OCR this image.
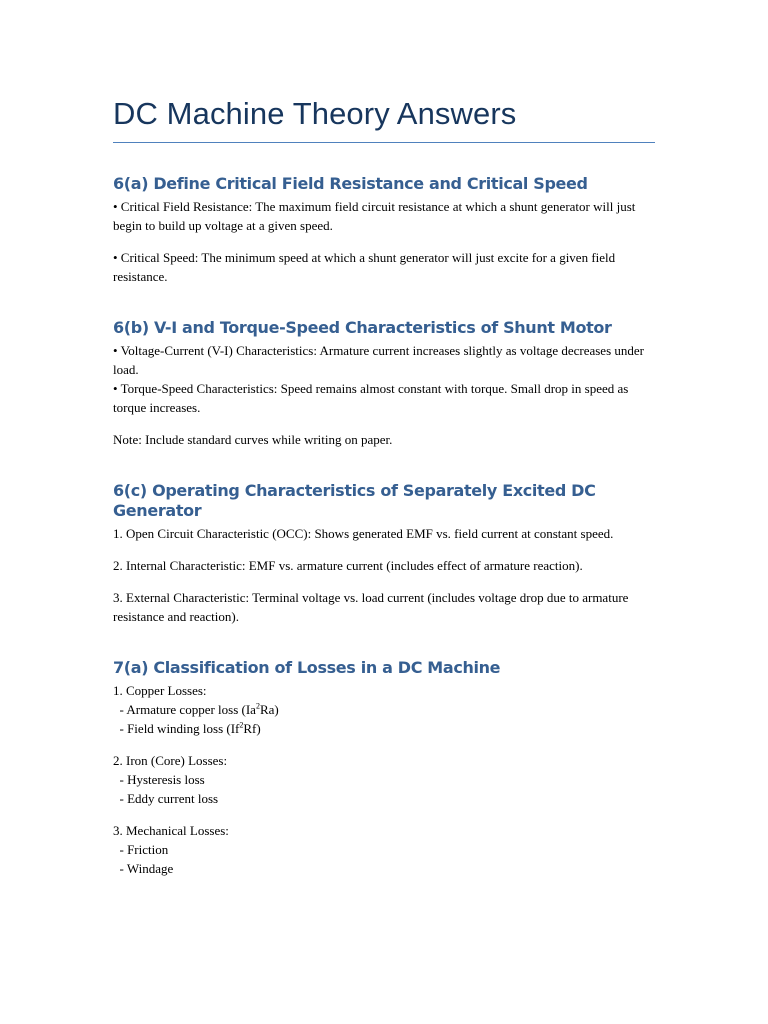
DC Machine Theory Answers
6(a) Define Critical Field Resistance and Critical Speed

• Critical Field Resistance: The maximum field circuit resistance at which a shunt generator will just begin to build up voltage at a given speed.

• Critical Speed: The minimum speed at which a shunt generator will just excite for a given field resistance.

6(b) V-I and Torque-Speed Characteristics of Shunt Motor

• Voltage-Current (V-I) Characteristics: Armature current increases slightly as voltage decreases under load.

• Torque-Speed Characteristics: Speed remains almost constant with torque. Small drop in speed as torque increases.

Note: Include standard curves while writing on paper.

6(c) Operating Characteristics of Separately Excited DC Generator

1. Open Circuit Characteristic (OCC): Shows generated EMF vs. field current at constant speed.

2. Internal Characteristic: EMF vs. armature current (includes effect of armature reaction).

3. External Characteristic: Terminal voltage vs. load current (includes voltage drop due to armature resistance and reaction).

7(a) Classification of Losses in a DC Machine

1. Copper Losses:

- Armature copper loss (Ia$^2$Ra)

- Field winding loss (If$^2$Rf)

2. Iron (Core) Losses:

- Hysteresis loss

- Eddy current loss

3. Mechanical Losses:

- Friction

- Windage
